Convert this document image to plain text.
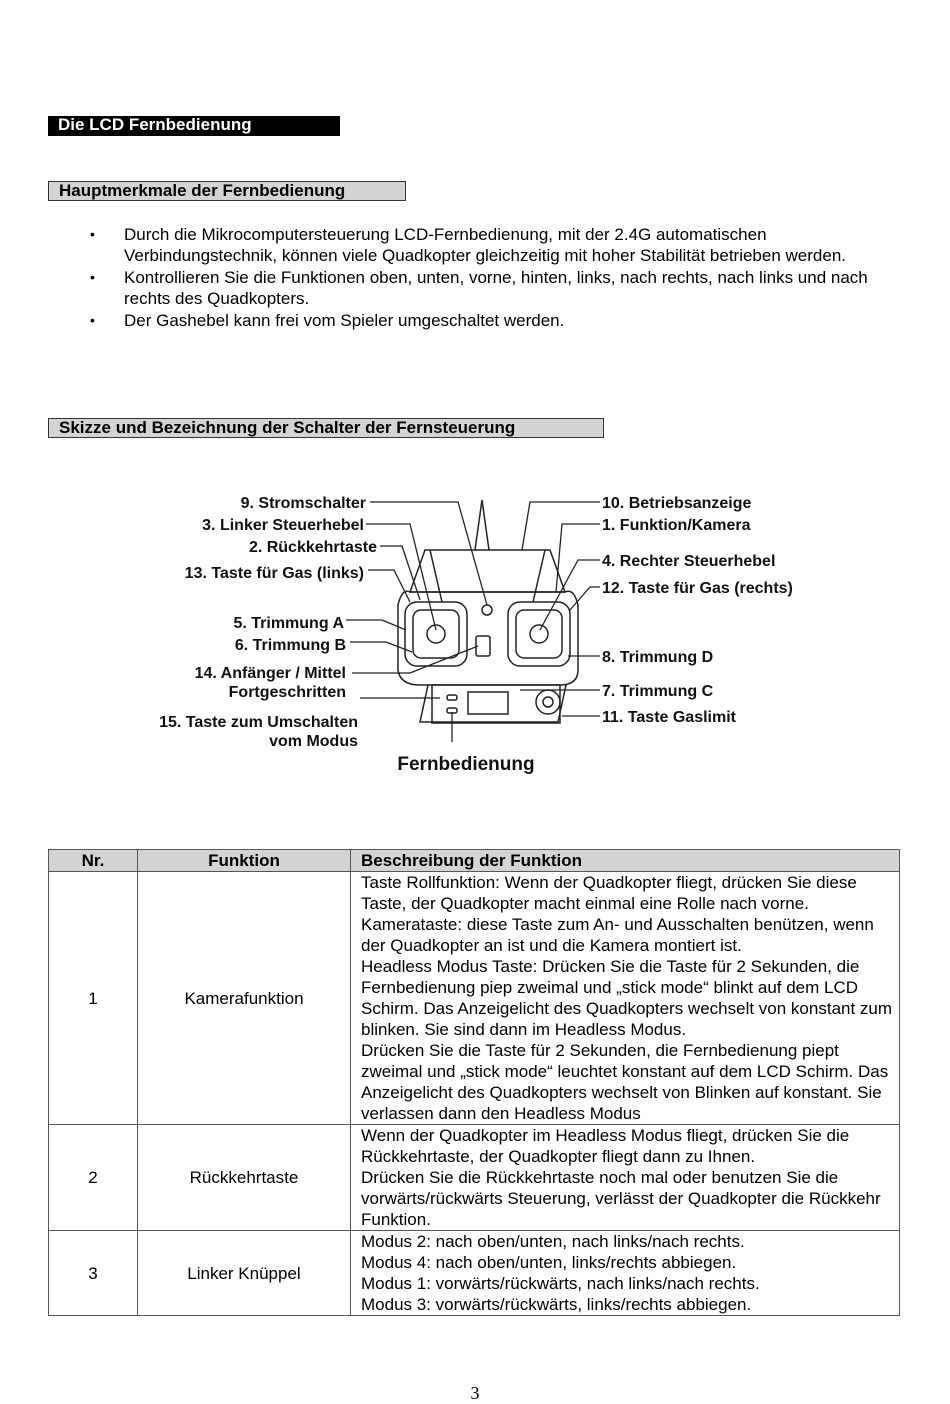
Die LCD Fernbedienung
Hauptmerkmale der Fernbedienung
• Durch die Mikrocomputersteuerung LCD-Fernbedienung, mit der 2.4G automatischen Verbindungstechnik, können viele Quadkopter gleichzeitig mit hoher Stabilität betrieben werden.
• Kontrollieren Sie die Funktionen oben, unten, vorne, hinten, links, nach rechts, nach links und nach rechts des Quadkopters.
• Der Gashebel kann frei vom Spieler umgeschaltet werden.
Skizze und Bezeichnung der Schalter der Fernsteuerung
9. Stromschalter
3. Linker Steuerhebel
2. Rückkehrtaste
13. Taste für Gas (links)
5. Trimmung A
6. Trimmung B
14. Anfänger / Mittel
Fortgeschritten
15. Taste zum Umschalten
vom Modus
10. Betriebsanzeige
1. Funktion/Kamera
4. Rechter Steuerhebel
12. Taste für Gas (rechts)
8. Trimmung D
7. Trimmung C
11. Taste Gaslimit
Fernbedienung
Nr.	Funktion	Beschreibung der Funktion
1	Kamerafunktion	Taste Rollfunktion: Wenn der Quadkopter fliegt, drücken Sie diese Taste, der Quadkopter macht einmal eine Rolle nach vorne.
Kamerataste: diese Taste zum An- und Ausschalten benützen, wenn der Quadkopter an ist und die Kamera montiert ist.
Headless Modus Taste: Drücken Sie die Taste für 2 Sekunden, die Fernbedienung piep zweimal und „stick mode“ blinkt auf dem LCD Schirm. Das Anzeigelicht des Quadkopters wechselt von konstant zum blinken. Sie sind dann im Headless Modus.
Drücken Sie die Taste für 2 Sekunden, die Fernbedienung piept zweimal und „stick mode“ leuchtet konstant auf dem LCD Schirm. Das Anzeigelicht des Quadkopters wechselt von Blinken auf konstant. Sie verlassen dann den Headless Modus

2	Rückkehrtaste	Wenn der Quadkopter im Headless Modus fliegt, drücken Sie die Rückkehrtaste, der Quadkopter fliegt dann zu Ihnen.
Drücken Sie die Rückkehrtaste noch mal oder benutzen Sie die vorwärts/rückwärts Steuerung, verlässt der Quadkopter die Rückkehr Funktion.

3	Linker Knüppel	Modus 2: nach oben/unten, nach links/nach rechts.
Modus 4: nach oben/unten, links/rechts abbiegen.
Modus 1: vorwärts/rückwärts, nach links/nach rechts.
Modus 3: vorwärts/rückwärts, links/rechts abbiegen.
3
